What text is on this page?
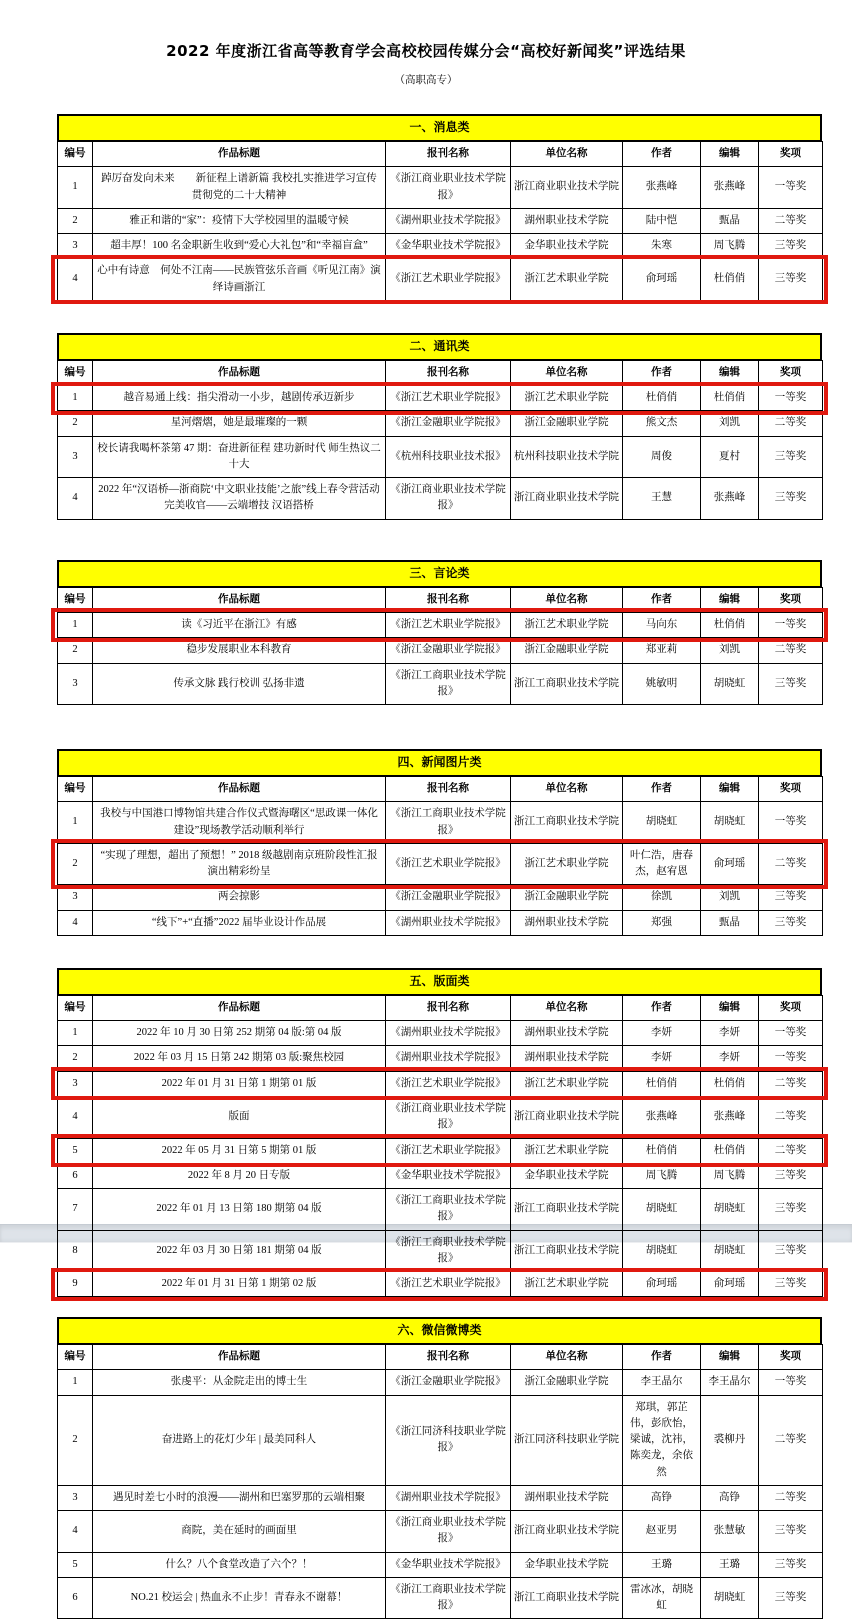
2022 年度浙江省高等教育学会高校校园传媒分会“高校好新闻奖”评选结果
（高职高专）
一、消息类
编号	作品标题	报刊名称	单位名称	作者	编辑	奖项
1	踔厉奋发向未来　　新征程上谱新篇 我校扎实推进学习宣传贯彻党的二十大精神	《浙江商业职业技术学院报》	浙江商业职业技术学院	张燕峰	张燕峰	一等奖
2	雅正和谐的“家”：疫情下大学校园里的温暖守候	《湖州职业技术学院报》	湖州职业技术学院	陆中恺	甄晶	二等奖
3	超丰厚！100 名金职新生收到“爱心大礼包”和“幸福盲盒”	《金华职业技术学院报》	金华职业技术学院	朱寒	周飞腾	三等奖
4	心中有诗意　何处不江南——民族管弦乐音画《听见江南》演绎诗画浙江	《浙江艺术职业学院报》	浙江艺术职业学院	俞珂瑶	杜俏俏	三等奖
二、通讯类
编号	作品标题	报刊名称	单位名称	作者	编辑	奖项
1	越音易通上线：指尖滑动一小步，越剧传承迈新步	《浙江艺术职业学院报》	浙江艺术职业学院	杜俏俏	杜俏俏	一等奖
2	星河熠熠，她是最璀璨的一颗	《浙江金融职业学院报》	浙江金融职业学院	熊文杰	刘凯	二等奖
3	校长请我喝杯茶第 47 期：奋进新征程 建功新时代 师生热议二十大	《杭州科技职业技术报》	杭州科技职业技术学院	周俊	夏村	三等奖
4	2022 年“汉语桥—浙商院‘中文职业技能’之旅”线上春令营活动完美收官——云端增技 汉语搭桥	《浙江商业职业技术学院报》	浙江商业职业技术学院	王慧	张燕峰	三等奖
三、言论类
编号	作品标题	报刊名称	单位名称	作者	编辑	奖项
1	读《习近平在浙江》有感	《浙江艺术职业学院报》	浙江艺术职业学院	马向东	杜俏俏	一等奖
2	稳步发展职业本科教育	《浙江金融职业学院报》	浙江金融职业学院	郑亚莉	刘凯	二等奖
3	传承文脉 践行校训 弘扬非遗	《浙江工商职业技术学院报》	浙江工商职业技术学院	姚敏明	胡晓虹	三等奖
四、新闻图片类
编号	作品标题	报刊名称	单位名称	作者	编辑	奖项
1	我校与中国港口博物馆共建合作仪式暨海曙区“思政课一体化建设”现场教学活动顺利举行	《浙江工商职业技术学院报》	浙江工商职业技术学院	胡晓虹	胡晓虹	一等奖
2	“实现了理想，超出了预想！” 2018 级越剧南京班阶段性汇报演出精彩纷呈	《浙江艺术职业学院报》	浙江艺术职业学院	叶仁浩，唐春杰，赵宥恩	俞珂瑶	二等奖
3	两会掠影	《浙江金融职业学院报》	浙江金融职业学院	徐凯	刘凯	三等奖
4	“线下”+“直播”2022 届毕业设计作品展	《湖州职业技术学院报》	湖州职业技术学院	郑强	甄晶	三等奖
五、版面类
编号	作品标题	报刊名称	单位名称	作者	编辑	奖项
1	2022 年 10 月 30 日第 252 期第 04 版:第 04 版	《湖州职业技术学院报》	湖州职业技术学院	李妍	李妍	一等奖
2	2022 年 03 月 15 日第 242 期第 03 版:聚焦校园	《湖州职业技术学院报》	湖州职业技术学院	李妍	李妍	一等奖
3	2022 年 01 月 31 日第 1 期第 01 版	《浙江艺术职业学院报》	浙江艺术职业学院	杜俏俏	杜俏俏	二等奖
4	版面	《浙江商业职业技术学院报》	浙江商业职业技术学院	张燕峰	张燕峰	二等奖
5	2022 年 05 月 31 日第 5 期第 01 版	《浙江艺术职业学院报》	浙江艺术职业学院	杜俏俏	杜俏俏	二等奖
6	2022 年 8 月 20 日专版	《金华职业技术学院报》	金华职业技术学院	周飞腾	周飞腾	三等奖
7	2022 年 01 月 13 日第 180 期第 04 版	《浙江工商职业技术学院报》	浙江工商职业技术学院	胡晓虹	胡晓虹	三等奖
8	2022 年 03 月 30 日第 181 期第 04 版	《浙江工商职业技术学院报》	浙江工商职业技术学院	胡晓虹	胡晓虹	三等奖
9	2022 年 01 月 31 日第 1 期第 02 版	《浙江艺术职业学院报》	浙江艺术职业学院	俞珂瑶	俞珂瑶	三等奖
六、微信微博类
编号	作品标题	报刊名称	单位名称	作者	编辑	奖项
1	张虔平：从金院走出的博士生	《浙江金融职业学院报》	浙江金融职业学院	李王晶尔	李王晶尔	一等奖
2	奋进路上的花灯少年 | 最美同科人	《浙江同济科技职业学院报》	浙江同济科技职业学院	郑琪，郭芷伟，彭欣怡，梁诚，沈祎，陈奕龙，余依然	裘柳丹	二等奖
3	遇见时差七小时的浪漫——湖州和巴塞罗那的云端相聚	《湖州职业技术学院报》	湖州职业技术学院	高铮	高铮	二等奖
4	商院，美在延时的画面里	《浙江商业职业技术学院报》	浙江商业职业技术学院	赵亚男	张慧敏	三等奖
5	什么？八个食堂改造了六个？！	《金华职业技术学院报》	金华职业技术学院	王璐	王璐	三等奖
6	NO.21 校运会 | 热血永不止步！青春永不谢幕！	《浙江工商职业技术学院报》	浙江工商职业技术学院	雷冰冰，胡晓虹	胡晓虹	三等奖
